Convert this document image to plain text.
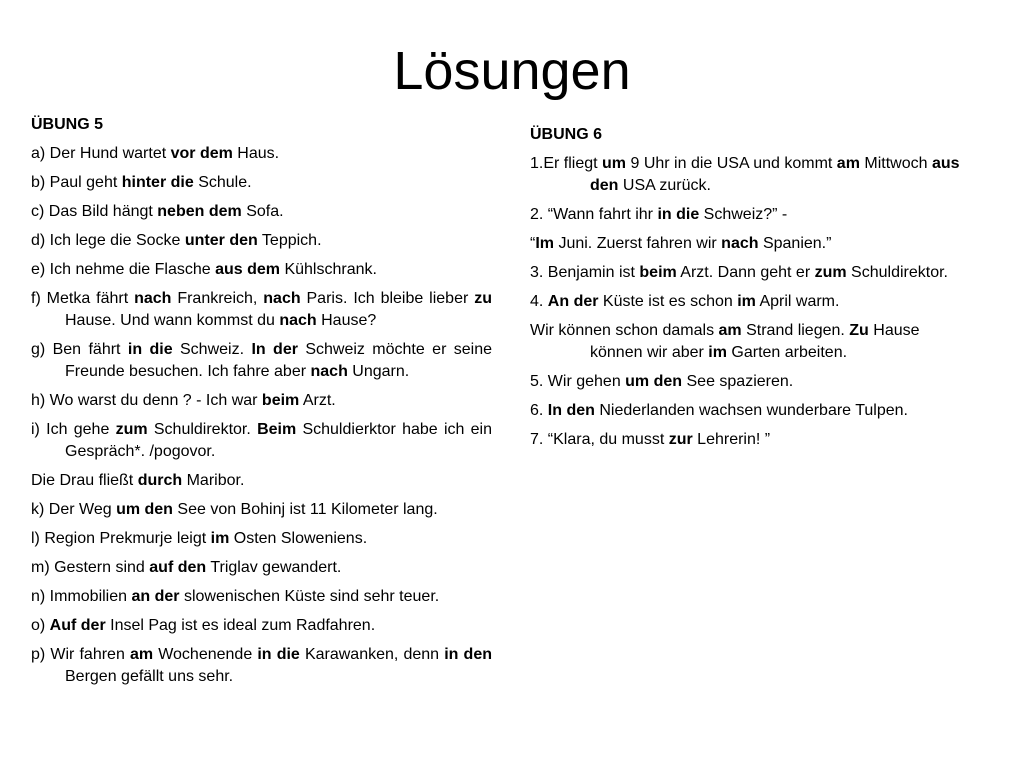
Lösungen
ÜBUNG 5
a) Der Hund wartet vor dem Haus.
b) Paul geht hinter die Schule.
c) Das Bild hängt neben dem Sofa.
d) Ich lege die Socke unter den Teppich.
e) Ich nehme die Flasche aus dem Kühlschrank.
f) Metka fährt nach Frankreich, nach Paris. Ich bleibe lieber zu Hause. Und wann kommst du nach Hause?
g) Ben fährt in die Schweiz. In der Schweiz möchte er seine Freunde besuchen. Ich fahre aber nach Ungarn.
h) Wo warst du denn ? - Ich war beim Arzt.
i) Ich gehe zum Schuldirektor. Beim Schuldierktor habe ich ein Gespräch*. /pogovor.
Die Drau fließt durch Maribor.
k) Der Weg um den See von Bohinj ist 11 Kilometer lang.
l) Region Prekmurje leigt im Osten Sloweniens.
m) Gestern sind auf den Triglav gewandert.
n) Immobilien an der slowenischen Küste sind sehr teuer.
o) Auf der Insel Pag ist es ideal zum Radfahren.
p) Wir fahren am Wochenende in die Karawanken, denn in den Bergen gefällt uns sehr.
ÜBUNG 6
1.Er fliegt um 9 Uhr in die USA und kommt am Mittwoch aus den USA zurück.
2. “Wann fahrt ihr in die Schweiz?” -
“Im Juni. Zuerst fahren wir nach Spanien.”
3. Benjamin ist beim Arzt. Dann geht er zum Schuldirektor.
4. An der Küste ist es schon im April warm.
Wir können schon damals am Strand liegen. Zu Hause können wir aber im Garten arbeiten.
5. Wir gehen um den See spazieren.
6. In den Niederlanden wachsen wunderbare Tulpen.
7. “Klara, du musst zur Lehrerin! ”
